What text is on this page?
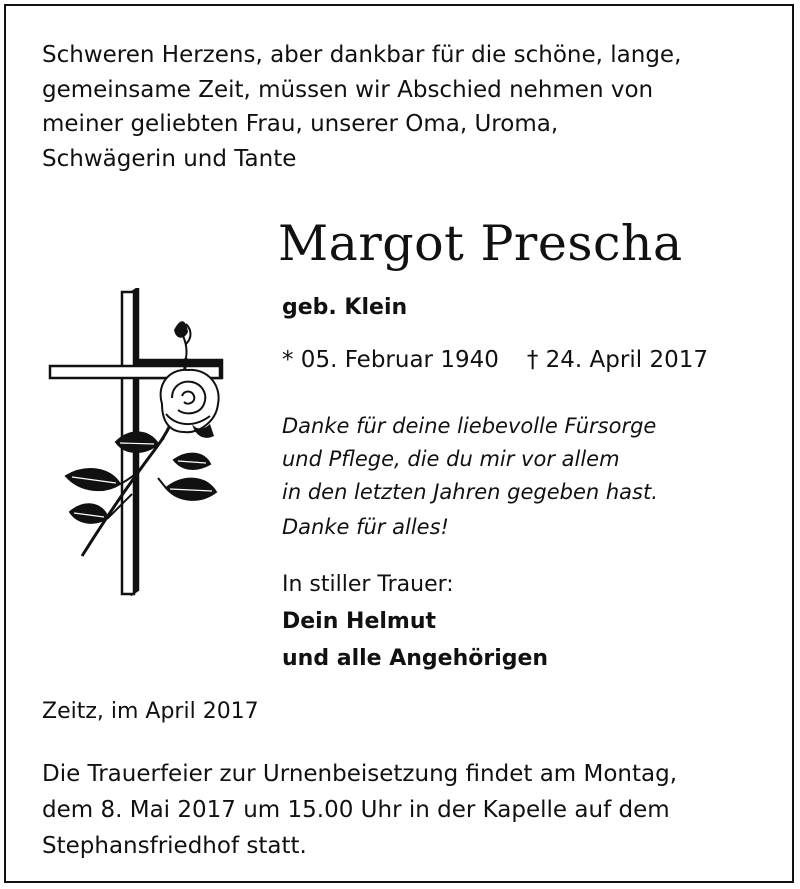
Schweren Herzens, aber dankbar für die schöne, lange,
gemeinsame Zeit, müssen wir Abschied nehmen von
meiner geliebten Frau, unserer Oma, Uroma,
Schwägerin und Tante
Margot Prescha
geb. Klein
* 05. Februar 1940 † 24. April 2017
Danke für deine liebevolle Fürsorge
und Pflege, die du mir vor allem
in den letzten Jahren gegeben hast.
Danke für alles!
In stiller Trauer:
Dein Helmut
und alle Angehörigen
Zeitz, im April 2017
Die Trauerfeier zur Urnenbeisetzung findet am Montag,
dem 8. Mai 2017 um 15.00 Uhr in der Kapelle auf dem
Stephansfriedhof statt.
